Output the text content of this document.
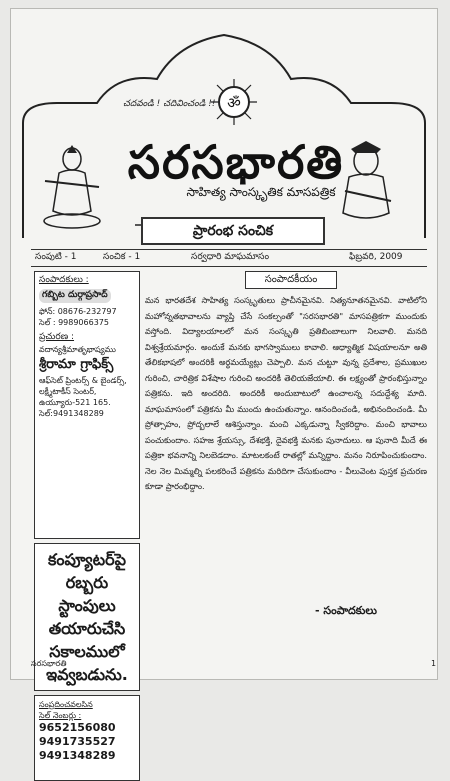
చదవండి ! చదివించండి !! ॐ
సరసభారతి
సాహిత్య సాంస్కృతిక మాసపత్రిక
ప్రారంభ సంచిక
సంపుటి - 1	సంచిక - 1	సర్వధారి మాఘమాసం	ఫిబ్రవరి, 2009
సంపాదకులు :
గబ్బిట దుర్గాప్రసాద్
ఫోన్: 08676-232797
సెల్ : 9989066375
ప్రచురణ :
వదాన్యశ్రీమాతృభాష్యము
శ్రీరామా గ్రాఫిక్స్
ఆఫ్‌సెట్ ప్రింటర్స్ & బైండర్స్,
లక్ష్మీటాకీస్ సెంటర్,
ఉయ్యూరు-521 165.
సెల్:9491348289
కంప్యూటర్‌పై
రబ్బరు
స్టాంపులు
తయారుచేసి
సకాలములో
ఇవ్వబడును.
సంప్రదించవలసిన
సెల్ నెంబర్లు :
9652156080
9491735527
9491348289
సంపాదకీయం
మన భారతదేశ సాహిత్య సంస్కృతులు ప్రాచీనమైనవి. నిత్యనూతనమైనవి. వాటిలోని మహోన్నతభావాలను వ్యాప్తి చేసే సంకల్పంతో "సరసభారతి" మాసపత్రికగా ముందుకు వస్తోంది. విద్యాలయాలలో మన సంస్కృతి ప్రతిబింబాలుగా నిలవాలి. మనది విశ్వశ్రేయమార్గం. అందుకే మనకు భాగస్వాములు కావాలి. ఆధ్యాత్మిక విషయాలనూ అతి తేలికభాషలో అందరికీ అర్థమయ్యేట్లు చెప్పాలి. మన చుట్టూ వున్న ప్రదేశాల, ప్రముఖుల గురించి, చారిత్రిక విశేషాల గురించి అందరికీ తెలియజేయాలి. ఈ లక్ష్యంతో ప్రారంభిస్తున్నాం పత్రికను. ఇది అందరిది. అందరికీ అందుబాటులో ఉంచాలన్న సదుద్దేశ్య మాది. మాఘమాసంలో పత్రికను మీ ముందు ఉంచుతున్నాం. ఆనందించండి, అభినందించండి. మీ ప్రోత్సాహం, ప్రోద్బలాలే ఆశిస్తున్నాం. మంచి ఎక్కడున్నా స్వీకరిద్దాం. మంచి భావాలు పంచుకుందాం. సహజ శ్రేయస్సు, దేశభక్తి, దైవభక్తి మనకు పునాదులు. ఆ పునాది మీదే ఈ పత్రికా భవనాన్ని నిలబెడదాం. మాటలకంటే రాతల్లో మన్నిద్దాం. మనం నిరూపించుకుందాం. నెల నెల మిమ్మల్ని పలకరించే పత్రికను మరిదిగా చేసుకుందాం - వీలువెంట పుస్తక ప్రచురణ కూడా ప్రారంభిద్దాం.
- సంపాదకులు
సరసభారతి	1
